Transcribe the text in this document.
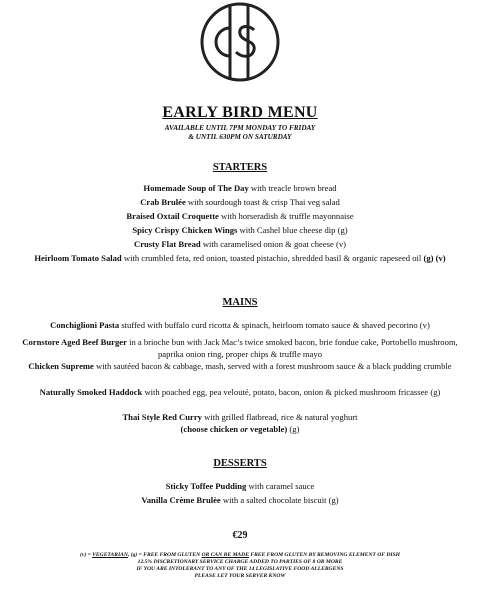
EARLY BIRD MENU
AVAILABLE UNTIL 7PM MONDAY TO FRIDAY
& UNTIL 630PM ON SATURDAY
STARTERS
Homemade Soup of The Day with treacle brown bread
Crab Brulée with sourdough toast & crisp Thai veg salad
Braised Oxtail Croquette with horseradish & truffle mayonnaise
Spicy Crispy Chicken Wings with Cashel blue cheese dip (g)
Crusty Flat Bread with caramelised onion & goat cheese (v)
Heirloom Tomato Salad with crumbled feta, red onion, toasted pistachio, shredded basil & organic rapeseed oil (g) (v)
MAINS
Conchiglioni Pasta stuffed with buffalo curd ricotta & spinach, heirloom tomato sauce & shaved pecorino (v)
Cornstore Aged Beef Burger in a brioche bun with Jack Mac’s twice smoked bacon, brie fondue cake, Portobello mushroom, paprika onion ring, proper chips & truffle mayo
Chicken Supreme with sautéed bacon & cabbage, mash, served with a forest mushroom sauce & a black pudding crumble
Naturally Smoked Haddock with poached egg, pea velouté, potato, bacon, onion & picked mushroom fricassee (g)
Thai Style Red Curry with grilled flatbread, rice & natural yoghurt
(choose chicken or vegetable) (g)
DESSERTS
Sticky Toffee Pudding with caramel sauce
Vanilla Crème Brulèe with a salted chocolate biscuit (g)
€29
(v) = VEGETARIAN, (g) = FREE FROM GLUTEN OR CAN BE MADE FREE FROM GLUTEN BY REMOVING ELEMENT OF DISH
12.5% DISCRETIONARY SERVICE CHARGE ADDED TO PARTIES OF 8 OR MORE
IF YOU ARE INTOLERANT TO ANY OF THE 14 LEGISLATIVE FOOD ALLERGENS
PLEASE LET YOUR SERVER KNOW
